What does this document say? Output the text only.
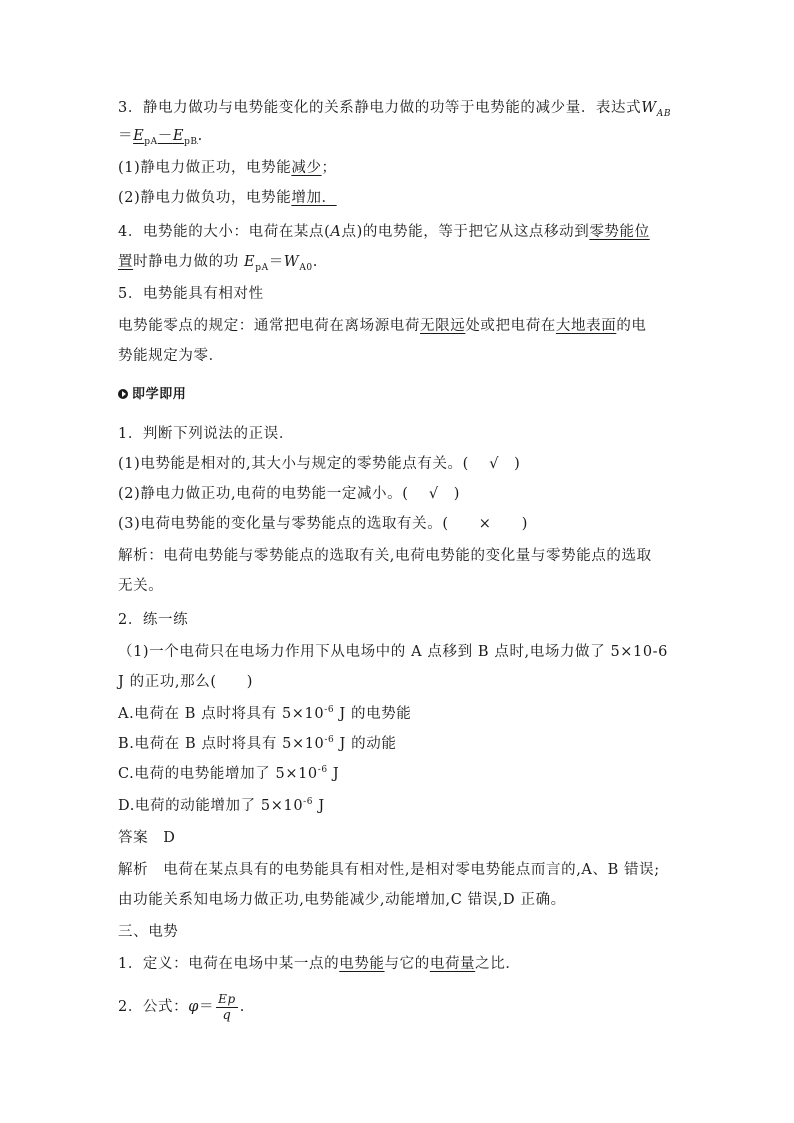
3．静电力做功与电势能变化的关系静电力做的功等于电势能的减少量．表达式$W_{AB}$
$=E_{pA}-E_{pB}$.
(1)静电力做正功，电势能减少；
(2)静电力做负功，电势能增加．
4．电势能的大小：电荷在某点(A点)的电势能，等于把它从这点移动到零势能位
置时静电力做的功 $E_{pA}=W_{A0}$.
5．电势能具有相对性
电势能零点的规定：通常把电荷在离场源电荷无限远处或把电荷在大地表面的电
势能规定为零．
即学即用
1．判断下列说法的正误．
(1)电势能是相对的,其大小与规定的零势能点有关。(　 √　)
(2)静电力做正功,电荷的电势能一定减小。(　 √　)
(3)电荷电势能的变化量与零势能点的选取有关。(　　×　　)
解析：电荷电势能与零势能点的选取有关,电荷电势能的变化量与零势能点的选取
无关。
2．练一练
（1)一个电荷只在电场力作用下从电场中的 A 点移到 B 点时,电场力做了 5×10-6
J 的正功,那么(　　)
A.电荷在 B 点时将具有 $5\times 10^{-6}$ J 的电势能
B.电荷在 B 点时将具有 $5\times 10^{-6}$ J 的动能
C.电荷的电势能增加了 $5\times 10^{-6}$ J
D.电荷的动能增加了 $5\times 10^{-6}$ J
答案　D
解析　电荷在某点具有的电势能具有相对性,是相对零电势能点而言的,A、B 错误;
由功能关系知电场力做正功,电势能减少,动能增加,C 错误,D 正确。
三、电势
1．定义：电荷在电场中某一点的电势能与它的电荷量之比．
2．公式：$\varphi= \frac{Ep}{q}$ .
